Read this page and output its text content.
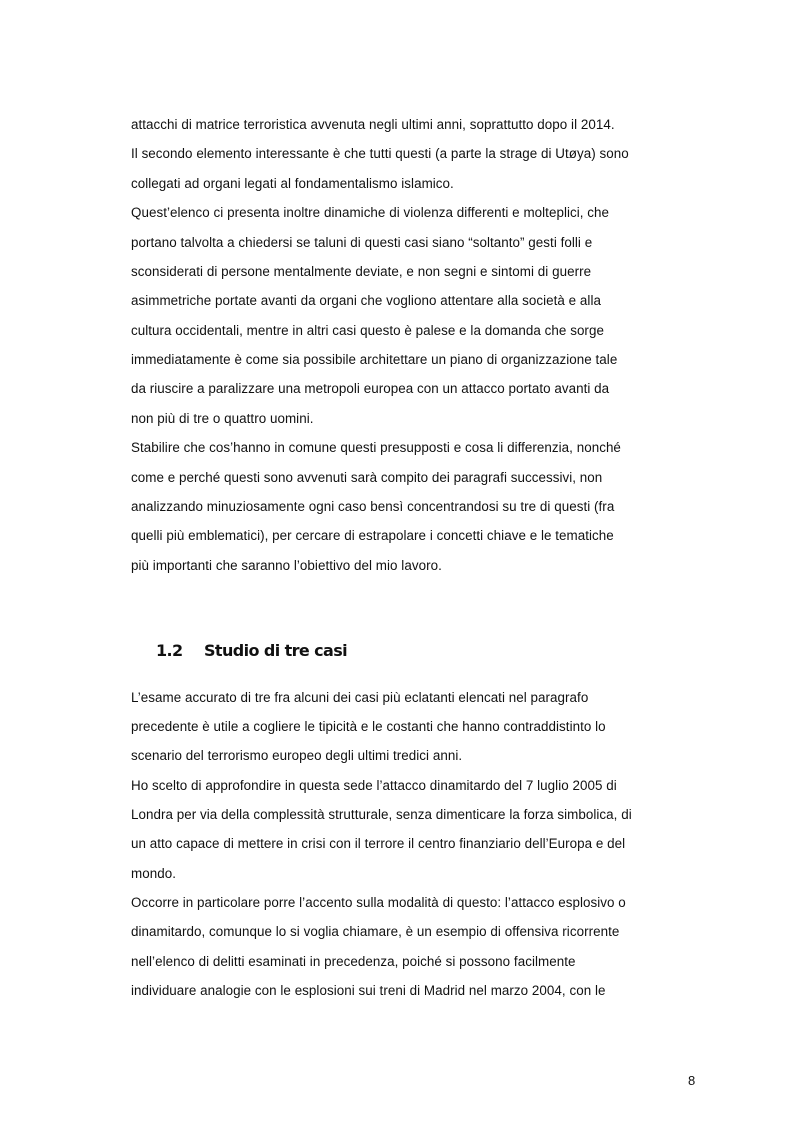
attacchi di matrice terroristica avvenuta negli ultimi anni, soprattutto dopo il 2014.
Il secondo elemento interessante è che tutti questi (a parte la strage di Utøya) sono
collegati ad organi legati al fondamentalismo islamico.
Quest’elenco ci presenta inoltre dinamiche di violenza differenti e molteplici, che
portano talvolta a chiedersi se taluni di questi casi siano “soltanto” gesti folli e
sconsiderati di persone mentalmente deviate, e non segni e sintomi di guerre
asimmetriche portate avanti da organi che vogliono attentare alla società e alla
cultura occidentali, mentre in altri casi questo è palese e la domanda che sorge
immediatamente è come sia possibile architettare un piano di organizzazione tale
da riuscire a paralizzare una metropoli europea con un attacco portato avanti da
non più di tre o quattro uomini.
Stabilire che cos’hanno in comune questi presupposti e cosa li differenzia, nonché
come e perché questi sono avvenuti sarà compito dei paragrafi successivi, non
analizzando minuziosamente ogni caso bensì concentrandosi su tre di questi (fra
quelli più emblematici), per cercare di estrapolare i concetti chiave e le tematiche
più importanti che saranno l’obiettivo del mio lavoro.
1.2 Studio di tre casi
L’esame accurato di tre fra alcuni dei casi più eclatanti elencati nel paragrafo
precedente è utile a cogliere le tipicità e le costanti che hanno contraddistinto lo
scenario del terrorismo europeo degli ultimi tredici anni.
Ho scelto di approfondire in questa sede l’attacco dinamitardo del 7 luglio 2005 di
Londra per via della complessità strutturale, senza dimenticare la forza simbolica, di
un atto capace di mettere in crisi con il terrore il centro finanziario dell’Europa e del
mondo.
Occorre in particolare porre l’accento sulla modalità di questo: l’attacco esplosivo o
dinamitardo, comunque lo si voglia chiamare, è un esempio di offensiva ricorrente
nell’elenco di delitti esaminati in precedenza, poiché si possono facilmente
individuare analogie con le esplosioni sui treni di Madrid nel marzo 2004, con le
8
